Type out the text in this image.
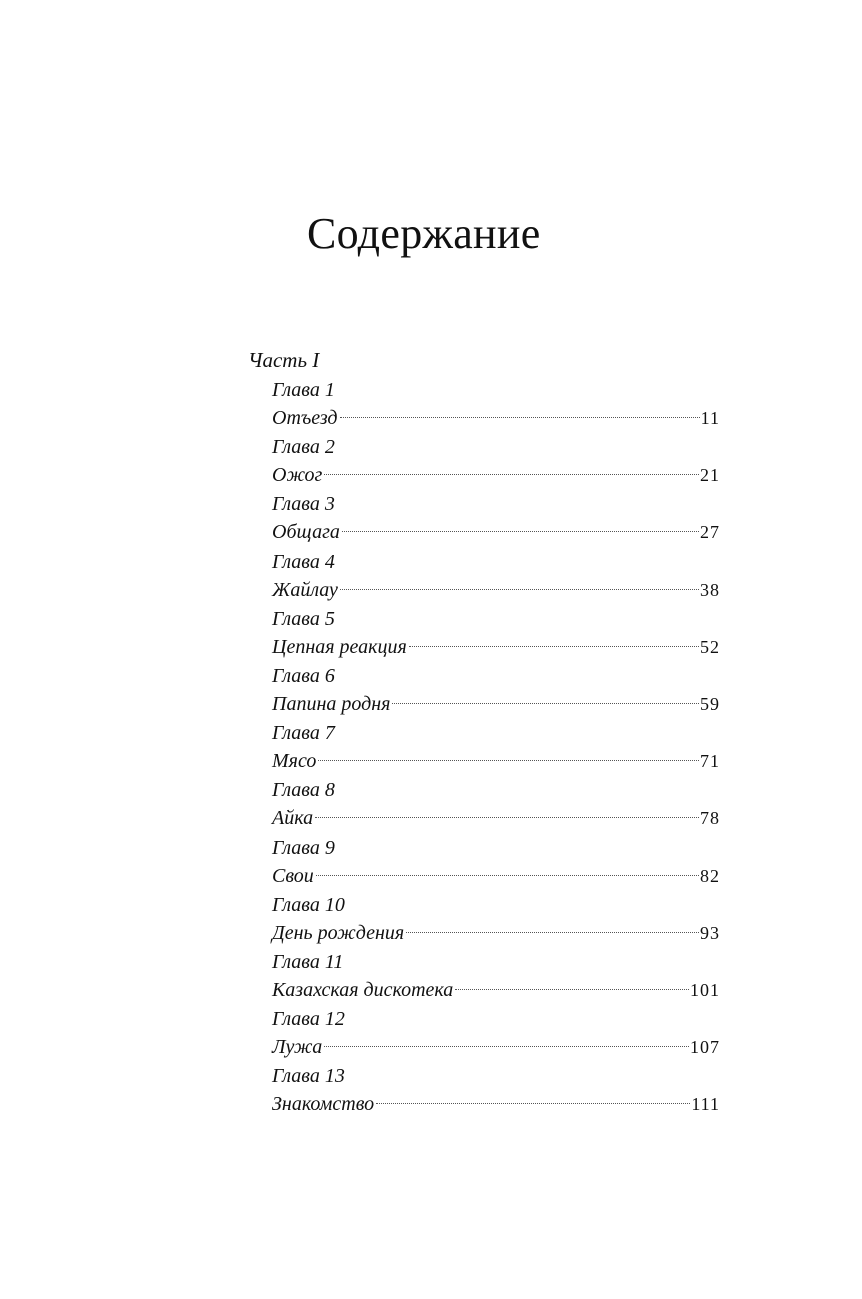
Содержание
Часть I
Глава 1
Отъезд	11
Глава 2
Ожог	21
Глава 3
Общага	27
Глава 4
Жайлау	38
Глава 5
Цепная реакция	52
Глава 6
Папина родня	59
Глава 7
Мясо	71
Глава 8
Айка	78
Глава 9
Свои	82
Глава 10
День рождения	93
Глава 11
Казахская дискотека	101
Глава 12
Лужа	107
Глава 13
Знакомство	111
